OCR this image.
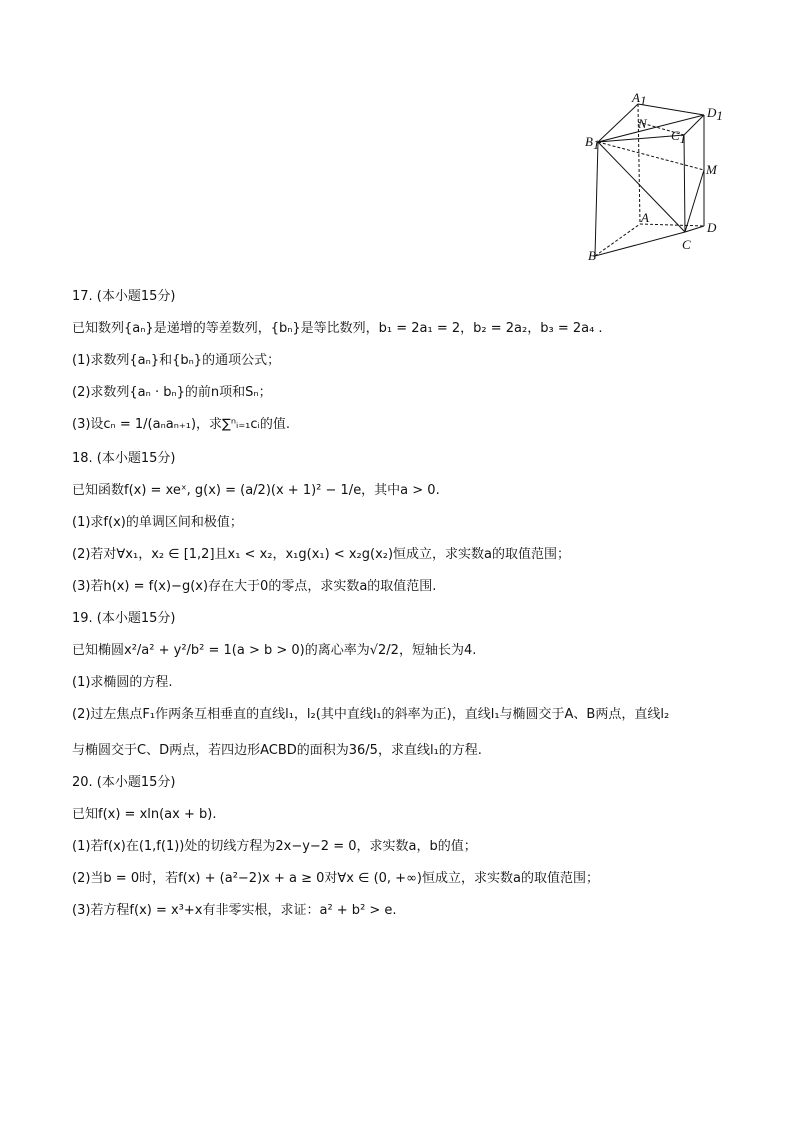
A1
D1
N
C1
B1
M
A
D
C
B
17. (本小题15分)
已知数列{aₙ}是递增的等差数列，{bₙ}是等比数列，b₁ = 2a₁ = 2，b₂ = 2a₂，b₃ = 2a₄ .
(1)求数列{aₙ}和{bₙ}的通项公式；
(2)求数列{aₙ · bₙ}的前n项和Sₙ；
(3)设cₙ = 1/(aₙaₙ₊₁)，求∑ⁿᵢ₌₁cᵢ的值.
18. (本小题15分)
已知函数f(x) = xeˣ, g(x) = (a/2)(x + 1)² − 1/e，其中a > 0.
(1)求f(x)的单调区间和极值；
(2)若对∀x₁，x₂ ∈ [1,2]且x₁ < x₂，x₁g(x₁) < x₂g(x₂)恒成立，求实数a的取值范围；
(3)若h(x) = f(x)−g(x)存在大于0的零点，求实数a的取值范围.
19. (本小题15分)
已知椭圆x²/a² + y²/b² = 1(a > b > 0)的离心率为√2/2，短轴长为4.
(1)求椭圆的方程.
(2)过左焦点F₁作两条互相垂直的直线l₁，l₂(其中直线l₁的斜率为正)，直线l₁与椭圆交于A、B两点，直线l₂
与椭圆交于C、D两点，若四边形ACBD的面积为36/5，求直线l₁的方程.
20. (本小题15分)
已知f(x) = xln(ax + b).
(1)若f(x)在(1,f(1))处的切线方程为2x−y−2 = 0，求实数a，b的值；
(2)当b = 0时，若f(x) + (a²−2)x + a ≥ 0对∀x ∈ (0, +∞)恒成立，求实数a的取值范围；
(3)若方程f(x) = x³+x有非零实根，求证：a² + b² > e.
